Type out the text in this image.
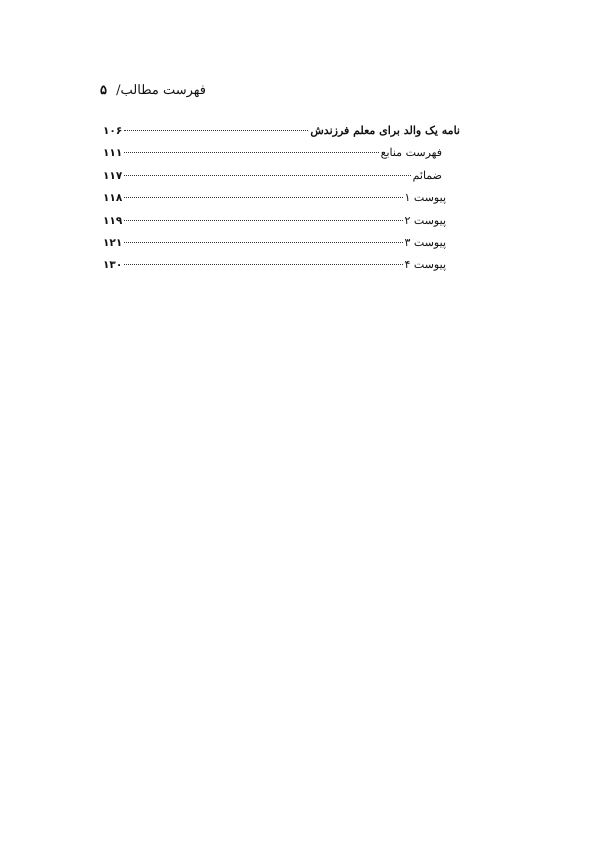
فهرست مطالب/
۵
نامه یک والد برای معلم فرزندش
۱۰۶
فهرست منابع
۱۱۱
ضمائم
۱۱۷
پیوست ۱
۱۱۸
پیوست ۲
۱۱۹
پیوست ۳
۱۲۱
پیوست ۴
۱۳۰
